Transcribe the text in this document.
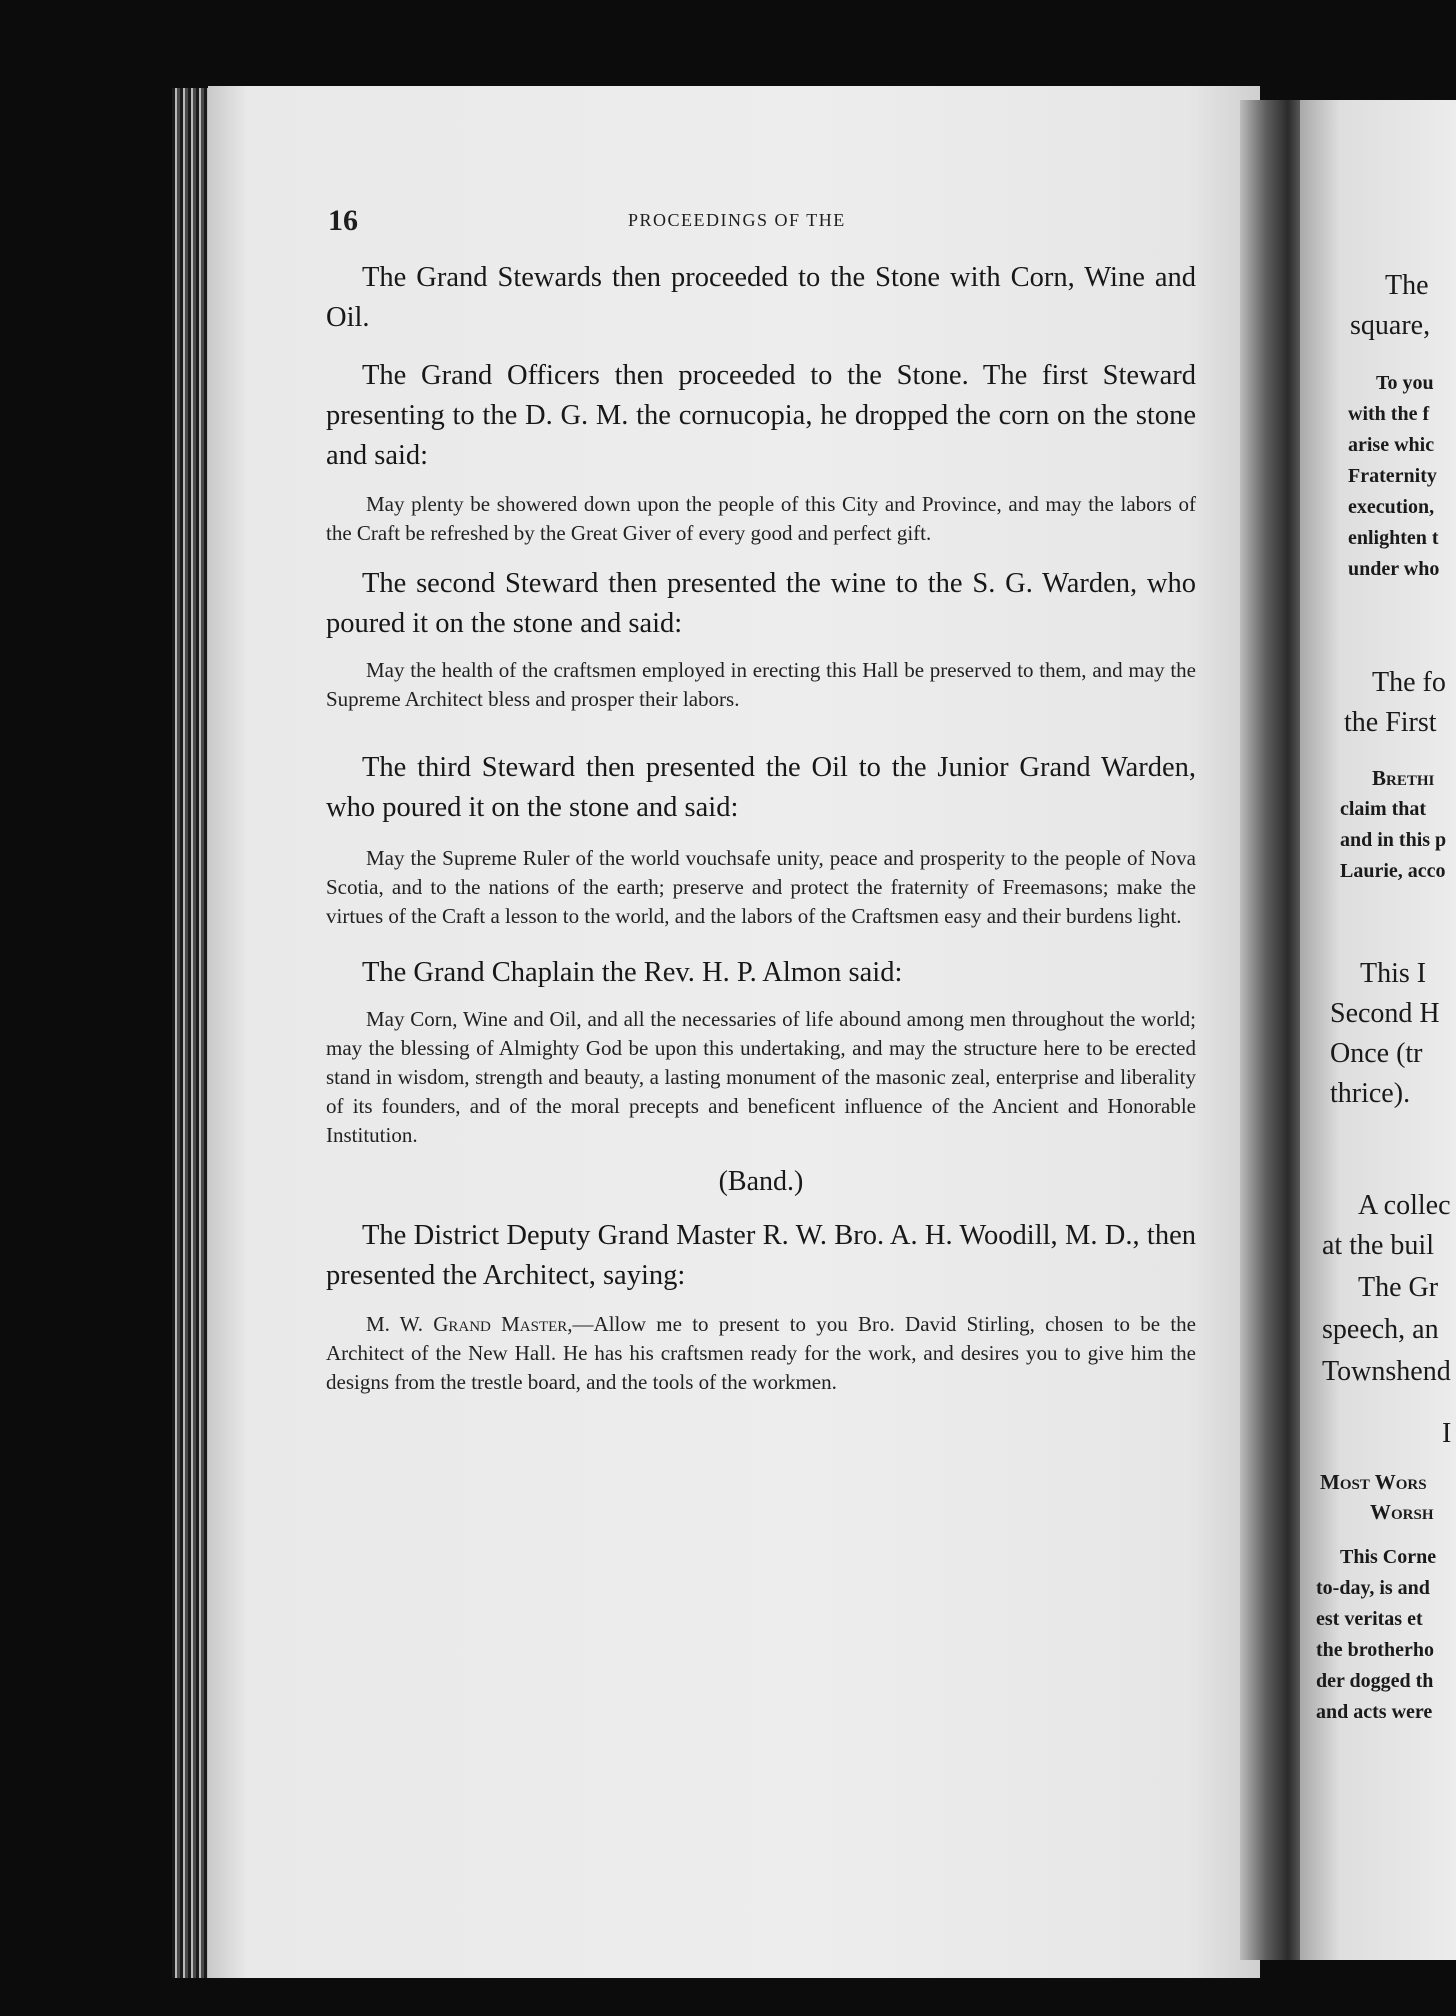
16	PROCEEDINGS OF THE

The Grand Stewards then proceeded to the Stone with Corn, Wine and Oil.

The Grand Officers then proceeded to the Stone. The first Steward presenting to the D. G. M. the cornucopia, he dropped the corn on the stone and said:

May plenty be showered down upon the people of this City and Province, and may the labors of the Craft be refreshed by the Great Giver of every good and perfect gift.

The second Steward then presented the wine to the S. G. Warden, who poured it on the stone and said:

May the health of the craftsmen employed in erecting this Hall be preserved to them, and may the Supreme Architect bless and prosper their labors.

The third Steward then presented the Oil to the Junior Grand Warden, who poured it on the stone and said:

May the Supreme Ruler of the world vouchsafe unity, peace and prosperity to the people of Nova Scotia, and to the nations of the earth; preserve and protect the fraternity of Freemasons; make the virtues of the Craft a lesson to the world, and the labors of the Craftsmen easy and their burdens light.

The Grand Chaplain the Rev. H. P. Almon said:

May Corn, Wine and Oil, and all the necessaries of life abound among men throughout the world; may the blessing of Almighty God be upon this undertaking, and may the structure here to be erected stand in wisdom, strength and beauty, a lasting monument of the masonic zeal, enterprise and liberality of its founders, and of the moral precepts and beneficent influence of the Ancient and Honorable Institution.

(Band.)

The District Deputy Grand Master R. W. Bro. A. H. Woodill, M. D., then presented the Architect, saying:

M. W. Grand Master,—Allow me to present to you Bro. David Stirling, chosen to be the Architect of the New Hall. He has his craftsmen ready for the work, and desires you to give him the designs from the trestle board, and the tools of the workmen.

The
square,
To you
with the f
arise whic
Fraternity
execution,
enlighten t
under who
The fo
the First
Brethi
claim that
and in this p
Laurie, acco
This I
Second H
Once (tr
thrice).
A collec
at the buil
The Gr
speech, an
Townshend
I
Most Wors
Worsh
This Corne
to-day, is and
est veritas et
the brotherho
der dogged th
and acts were
